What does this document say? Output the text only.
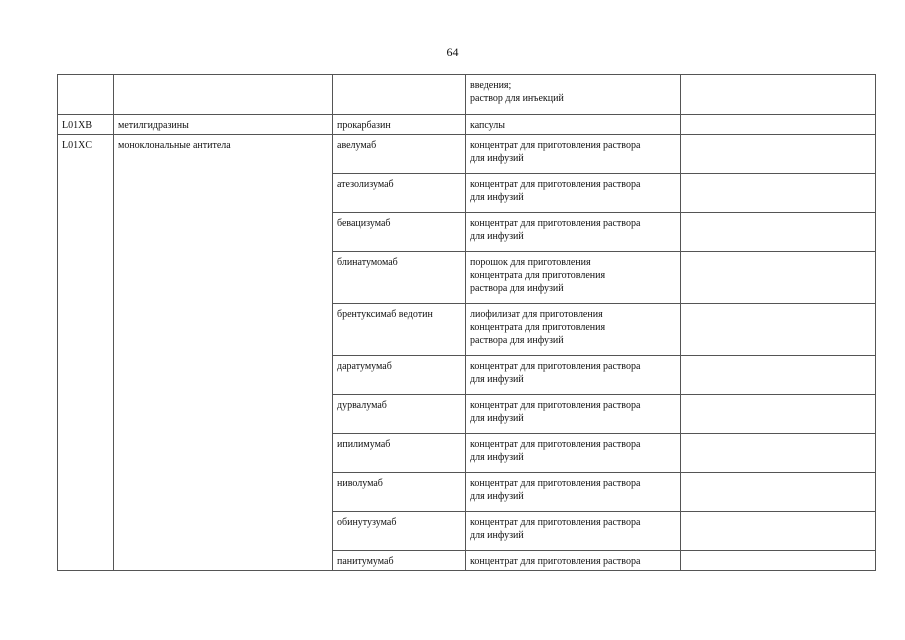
64
			введения;
раствор для инъекций	
L01XB	метилгидразины	прокарбазин	капсулы	
L01XC	моноклональные антитела	авелумаб	концентрат для приготовления раствора
для инфузий	
		атезолизумаб	концентрат для приготовления раствора
для инфузий	
		бевацизумаб	концентрат для приготовления раствора
для инфузий	
		блинатумомаб	порошок для приготовления
концентрата для приготовления
раствора для инфузий	
		брентуксимаб ведотин	лиофилизат для приготовления
концентрата для приготовления
раствора для инфузий	
		даратумумаб	концентрат для приготовления раствора
для инфузий	
		дурвалумаб	концентрат для приготовления раствора
для инфузий	
		ипилимумаб	концентрат для приготовления раствора
для инфузий	
		ниволумаб	концентрат для приготовления раствора
для инфузий	
		обинутузумаб	концентрат для приготовления раствора
для инфузий	
		панитумумаб	концентрат для приготовления раствора	
